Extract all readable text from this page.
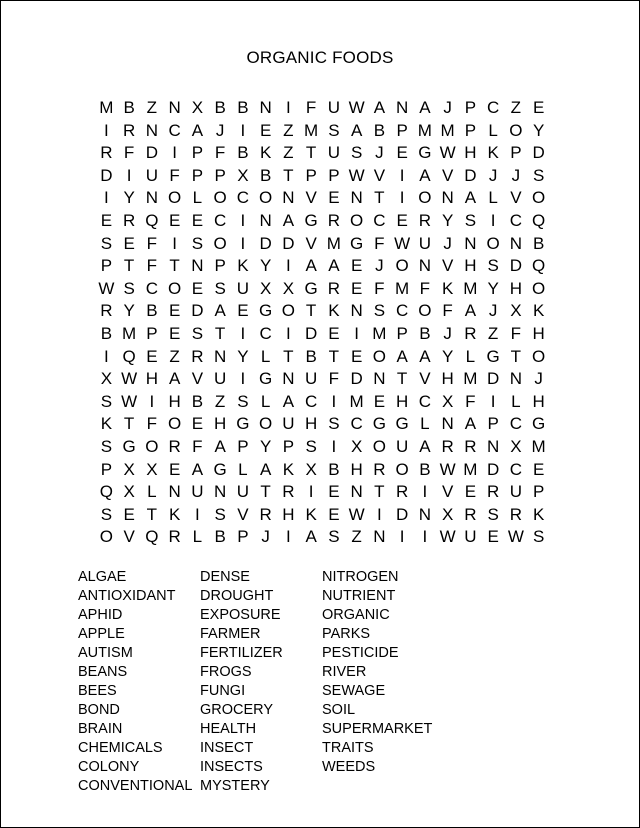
ORGANIC FOODS
M B Z N X B B N I F U W A N A J P C Z E
I R N C A J I E Z M S A B P M M P L O Y
R F D I P F B K Z T U S J E G W H K P D
D I U F P P X B T P P W V I A V D J J S
I Y N O L O C O N V E N T I O N A L V O
E R Q E E C I N A G R O C E R Y S I C Q
S E F I S O I D D V M G F W U J N O N B
P T F T N P K Y I A A E J O N V H S D Q
W S C O E S U X X G R E F M F K M Y H O
R Y B E D A E G O T K N S C O F A J X K
B M P E S T I C I D E I M P B J R Z F H
I Q E Z R N Y L T B T E O A A Y L G T O
X W H A V U I G N U F D N T V H M D N J
S W I H B Z S L A C I M E H C X F I L H
K T F O E H G O U H S C G G L N A P C G
S G O R F A P Y P S I X O U A R R N X M
P X X E A G L A K X B H R O B W M D C E
Q X L N U N U T R I E N T R I V E R U P
S E T K I S V R H K E W I D N X R S R K
O V Q R L B P J I A S Z N I	I W U E W S
ALGAE
ANTIOXIDANT
APHID
APPLE
AUTISM
BEANS
BEES
BOND
BRAIN
CHEMICALS
COLONY
CONVENTIONAL
DENSE
DROUGHT
EXPOSURE
FARMER
FERTILIZER
FROGS
FUNGI
GROCERY
HEALTH
INSECT
INSECTS
MYSTERY
NITROGEN
NUTRIENT
ORGANIC
PARKS
PESTICIDE
RIVER
SEWAGE
SOIL
SUPERMARKET
TRAITS
WEEDS
